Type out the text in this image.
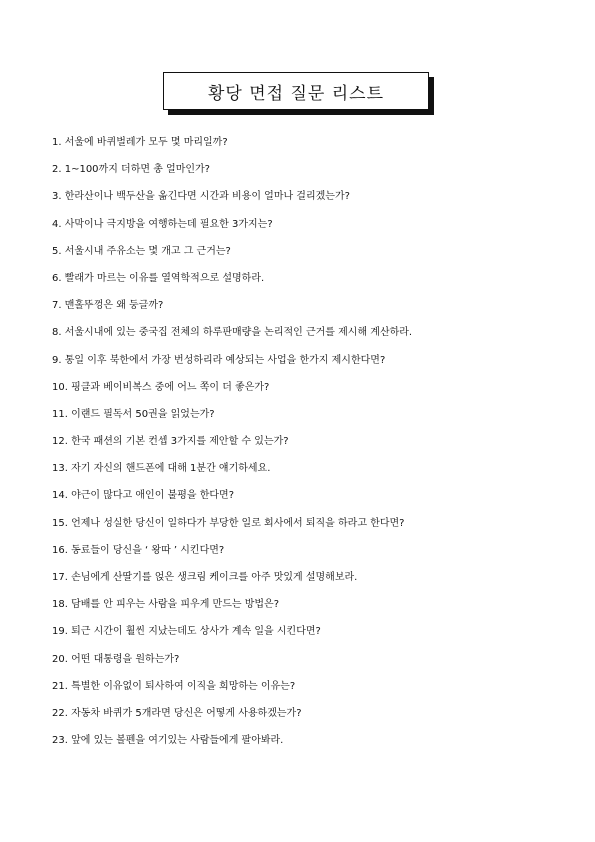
황당 면접 질문 리스트
1. 서울에 바퀴벌레가 모두 몇 마리일까?
2. 1~100까지 더하면 총 얼마인가?
3. 한라산이나 백두산을 옮긴다면 시간과 비용이 얼마나 걸리겠는가?
4. 사막이나 극지방을 여행하는데 필요한 3가지는?
5. 서울시내 주유소는 몇 개고 그 근거는?
6. 빨래가 마르는 이유를 열역학적으로 설명하라.
7. 맨홀뚜껑은 왜 둥글까?
8. 서울시내에 있는 중국집 전체의 하루판매량을 논리적인 근거를 제시해 계산하라.
9. 통일 이후 북한에서 가장 번성하리라 예상되는 사업을 한가지 제시한다면?
10. 핑클과 베이비복스 중에 어느 쪽이 더 좋은가?
11. 이랜드 필독서 50권을 읽었는가?
12. 한국 패션의 기본 컨셉 3가지를 제안할 수 있는가?
13. 자기 자신의 핸드폰에 대해 1분간 얘기하세요.
14. 야근이 많다고 애인이 불평을 한다면?
15. 언제나 성실한 당신이 일하다가 부당한 일로 회사에서 퇴직을 하라고 한다면?
16. 동료들이 당신을 ‘ 왕따 ’ 시킨다면?
17. 손님에게 산딸기를 얹은 생크림 케이크를 아주 맛있게 설명해보라.
18. 담배를 안 피우는 사람을 피우게 만드는 방법은?
19. 퇴근 시간이 훨씬 지났는데도 상사가 계속 일을 시킨다면?
20. 어떤 대통령을 원하는가?
21. 특별한 이유없이 퇴사하여 이직을 희망하는 이유는?
22. 자동차 바퀴가 5개라면 당신은 어떻게 사용하겠는가?
23. 앞에 있는 볼펜을 여기있는 사람들에게 팔아봐라.
